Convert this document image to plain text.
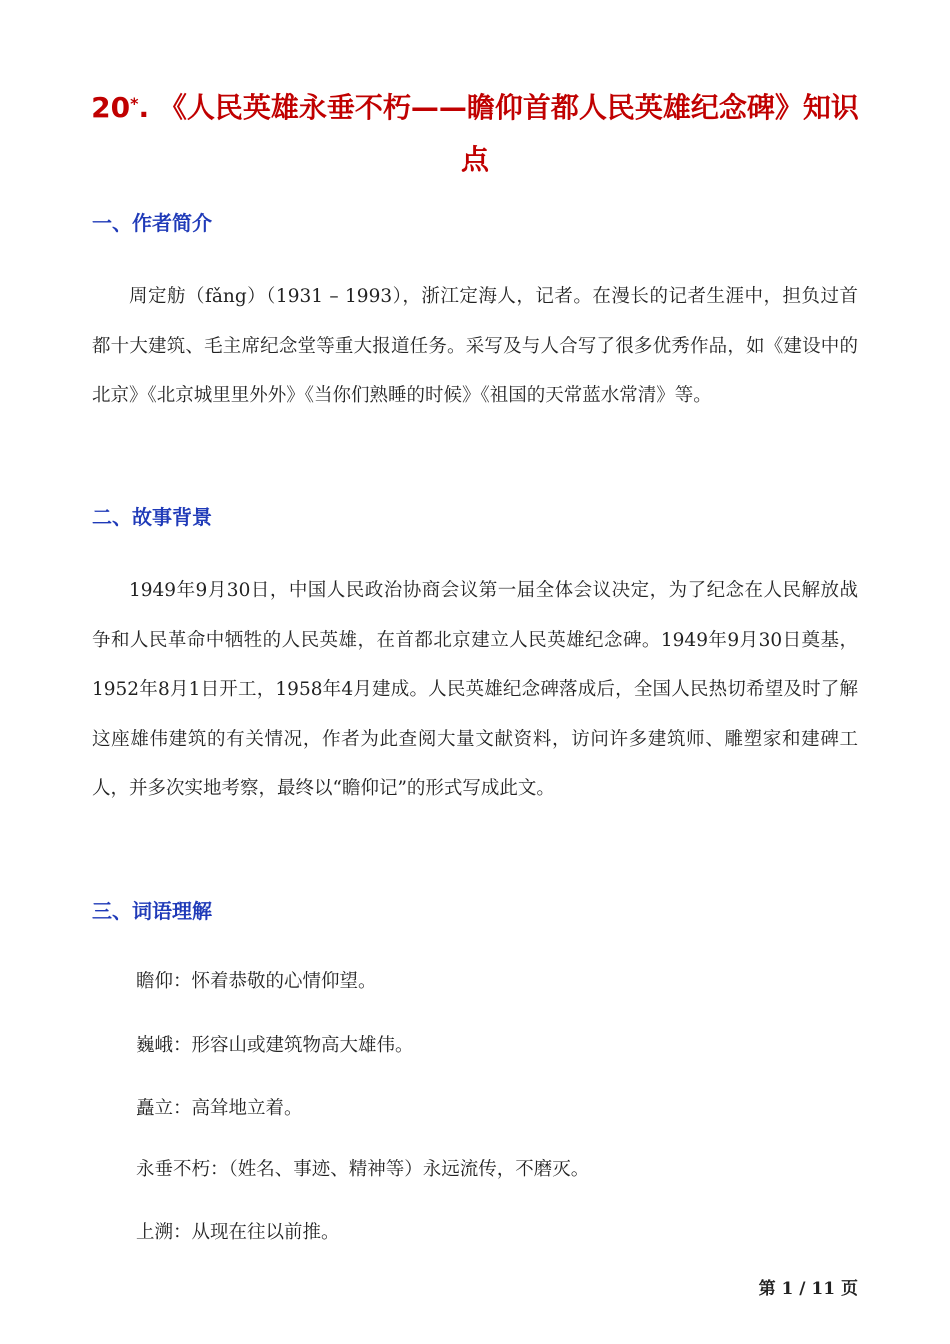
20*. 《人民英雄永垂不朽——瞻仰首都人民英雄纪念碑》知识点
一、作者简介

周定舫（fǎng）（1931 – 1993），浙江定海人，记者。在漫长的记者生涯中，担负过首都十大建筑、毛主席纪念堂等重大报道任务。采写及与人合写了很多优秀作品，如《建设中的北京》《北京城里里外外》《当你们熟睡的时候》《祖国的天常蓝水常清》等。

二、故事背景

1949年9月30日，中国人民政治协商会议第一届全体会议决定，为了纪念在人民解放战争和人民革命中牺牲的人民英雄，在首都北京建立人民英雄纪念碑。1949年9月30日奠基，1952年8月1日开工，1958年4月建成。人民英雄纪念碑落成后，全国人民热切希望及时了解这座雄伟建筑的有关情况，作者为此查阅大量文献资料，访问许多建筑师、雕塑家和建碑工人，并多次实地考察，最终以“瞻仰记”的形式写成此文。

三、词语理解

瞻仰：怀着恭敬的心情仰望。

巍峨：形容山或建筑物高大雄伟。

矗立：高耸地立着。

永垂不朽：（姓名、事迹、精神等）永远流传，不磨灭。

上溯：从现在往以前推。

第 1 / 11 页
